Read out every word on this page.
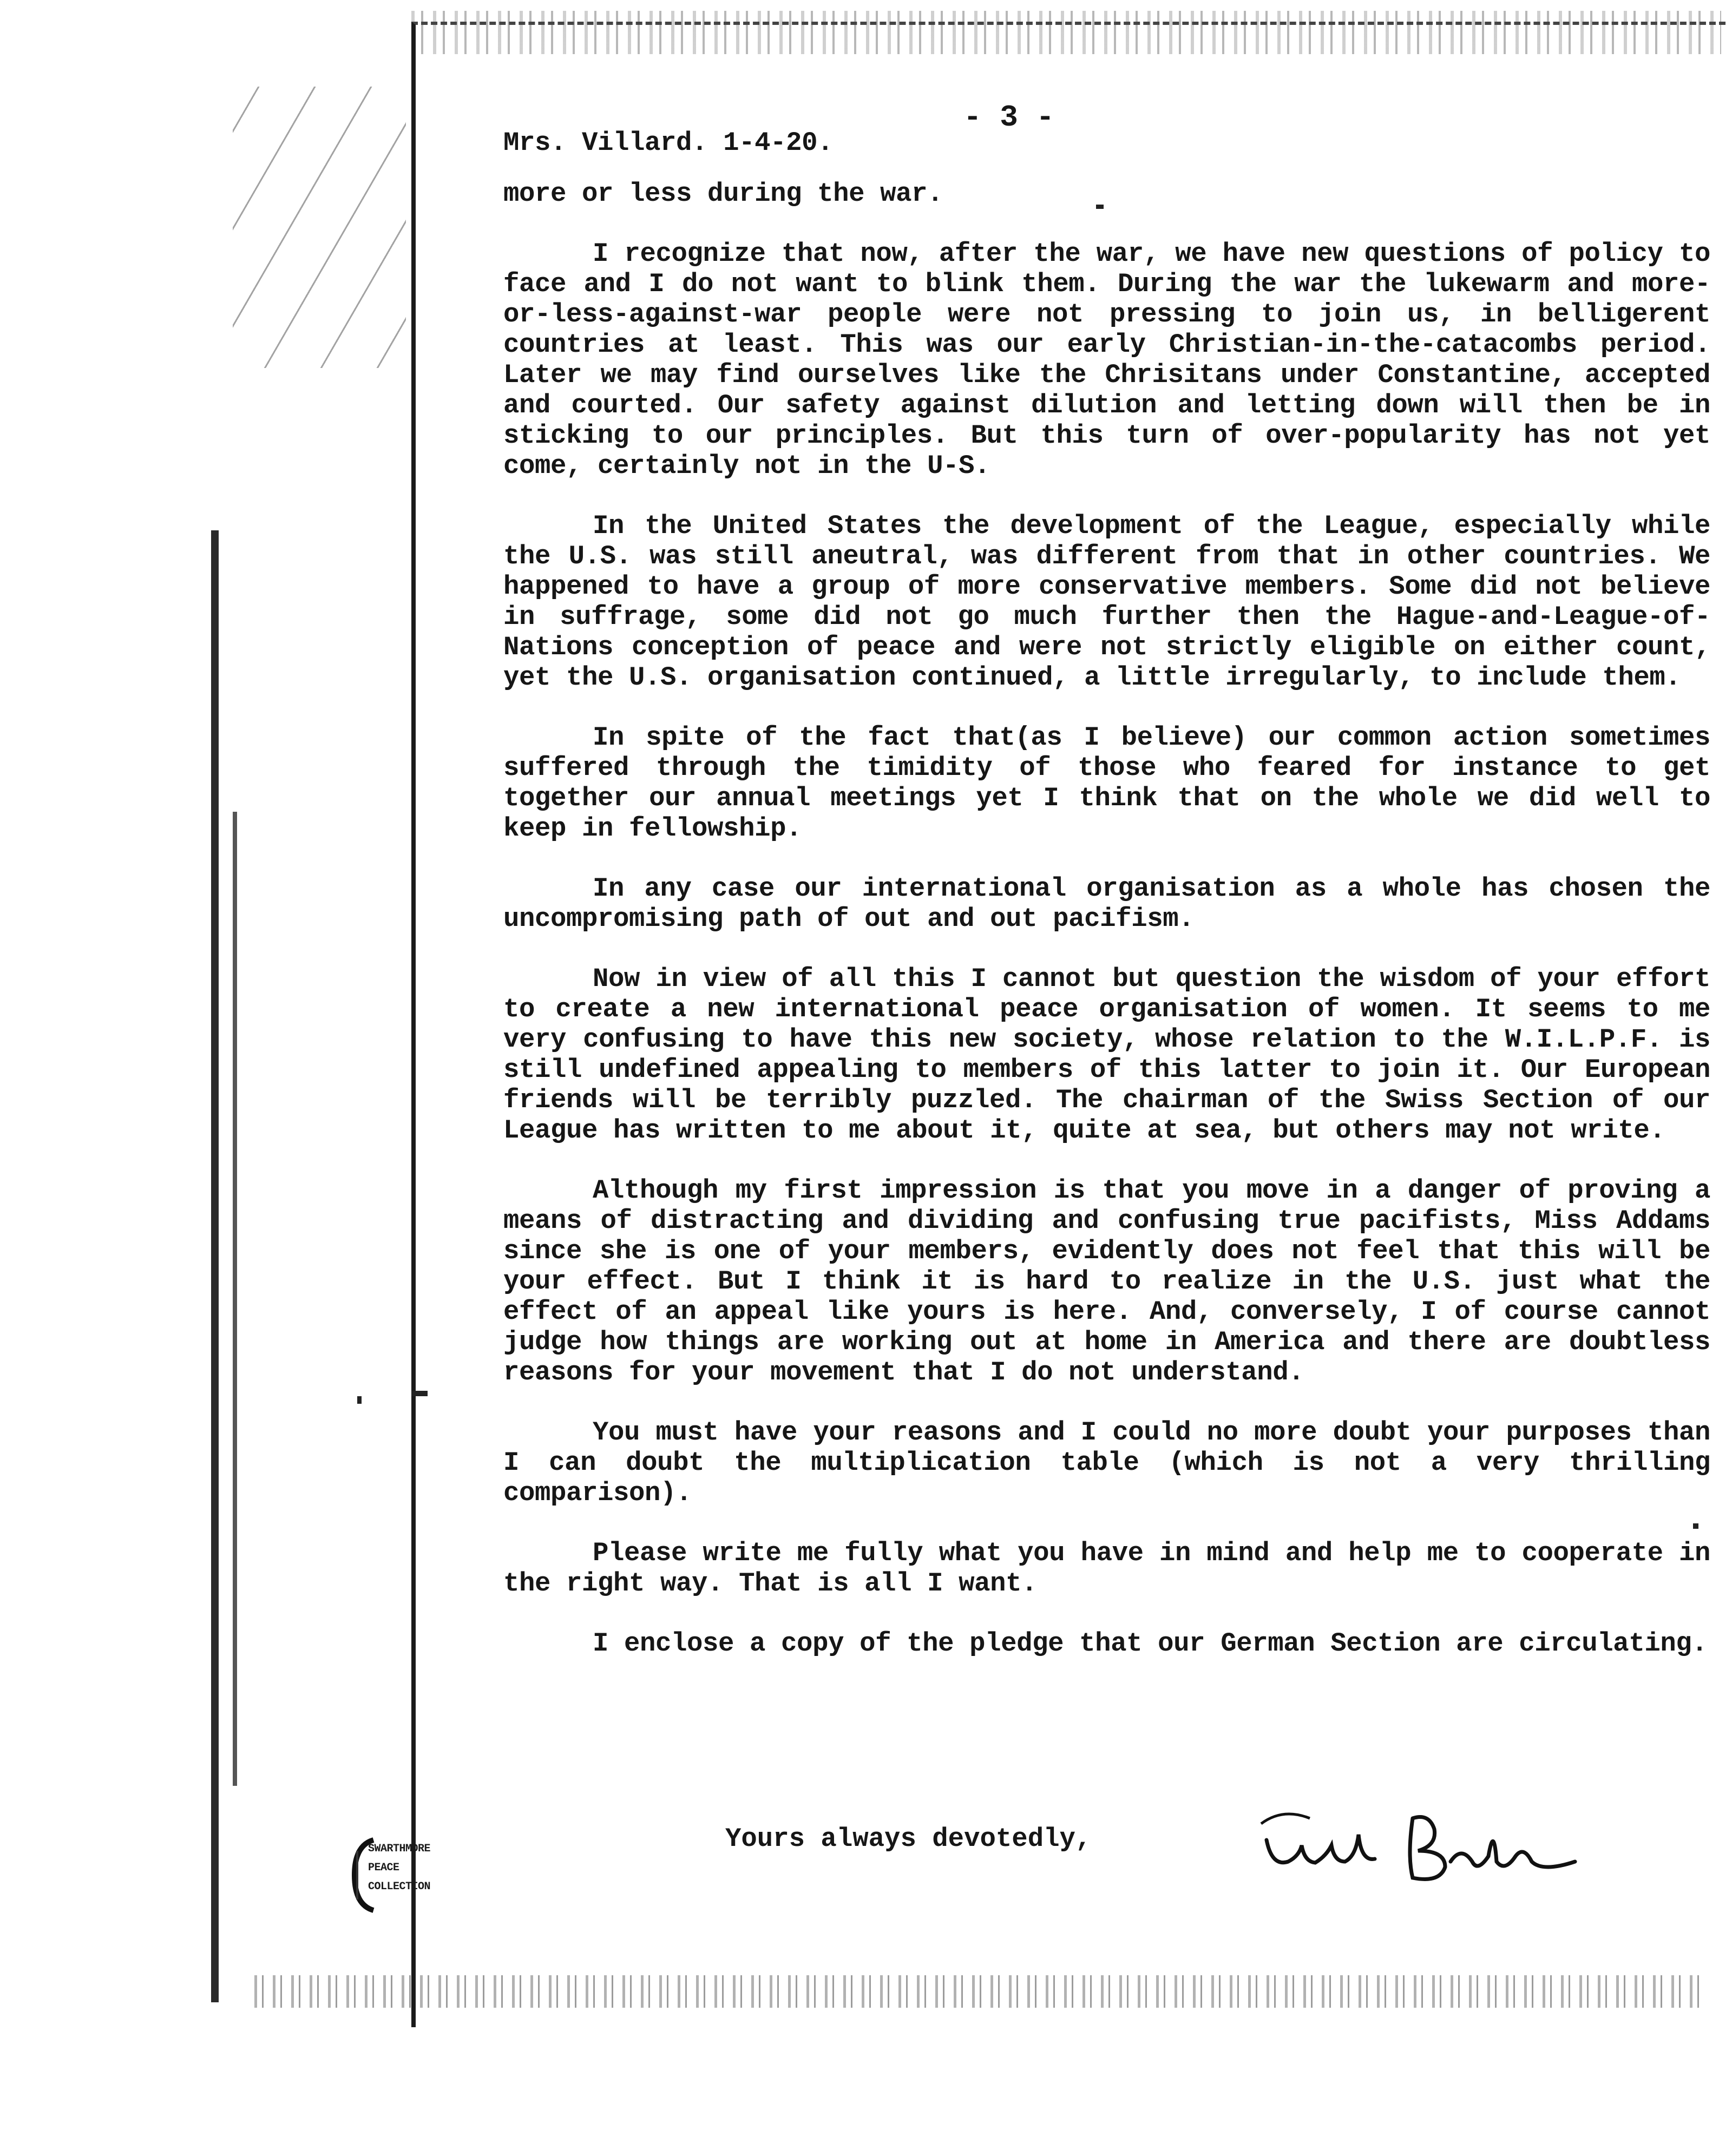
- 3 -
Mrs. Villard. 1-4-20.

more or less during the war.

I recognize that now, after the war, we have new questions of policy to face and I do not want to blink them. During the war the lukewarm and more-or-less-against-war people were not pressing to join us, in belligerent countries at least. This was our early Christian-in-the-catacombs period. Later we may find ourselves like the Chrisitans under Constantine, accepted and courted. Our safety against dilution and letting down will then be in sticking to our principles. But this turn of over-popularity has not yet come, certainly not in the U-S.

In the United States the development of the League, especially while the U.S. was still aneutral, was different from that in other countries. We happened to have a group of more conservative members. Some did not believe in suffrage, some did not go much further then the Hague-and-League-of-Nations conception of peace and were not strictly eligible on either count, yet the U.S. organisation continued, a little irregularly, to include them.

In spite of the fact that(as I believe) our common action sometimes suffered through the timidity of those who feared for instance to get together our annual meetings yet I think that on the whole we did well to keep in fellowship.

In any case our international organisation as a whole has chosen the uncompromising path of out and out pacifism.

Now in view of all this I cannot but question the wisdom of your effort to create a new international peace organisation of women. It seems to me very confusing to have this new society, whose relation to the W.I.L.P.F. is still undefined appealing to members of this latter to join it. Our European friends will be terribly puzzled. The chairman of the Swiss Section of our League has written to me about it, quite at sea, but others may not write.

Although my first impression is that you move in a danger of proving a means of distracting and dividing and confusing true pacifists, Miss Addams since she is one of your members, evidently does not feel that this will be your effect. But I think it is hard to realize in the U.S. just what the effect of an appeal like yours is here. And, conversely, I of course cannot judge how things are working out at home in America and there are doubtless reasons for your movement that I do not understand.

You must have your reasons and I could no more doubt your purposes than I can doubt the multiplication table (which is not a very thrilling comparison).

Please write me fully what you have in mind and help me to cooperate in the right way. That is all I want.

I enclose a copy of the pledge that our German Section are circulating.

Yours always devotedly,
SWARTHMORE
PEACE
COLLECTION
